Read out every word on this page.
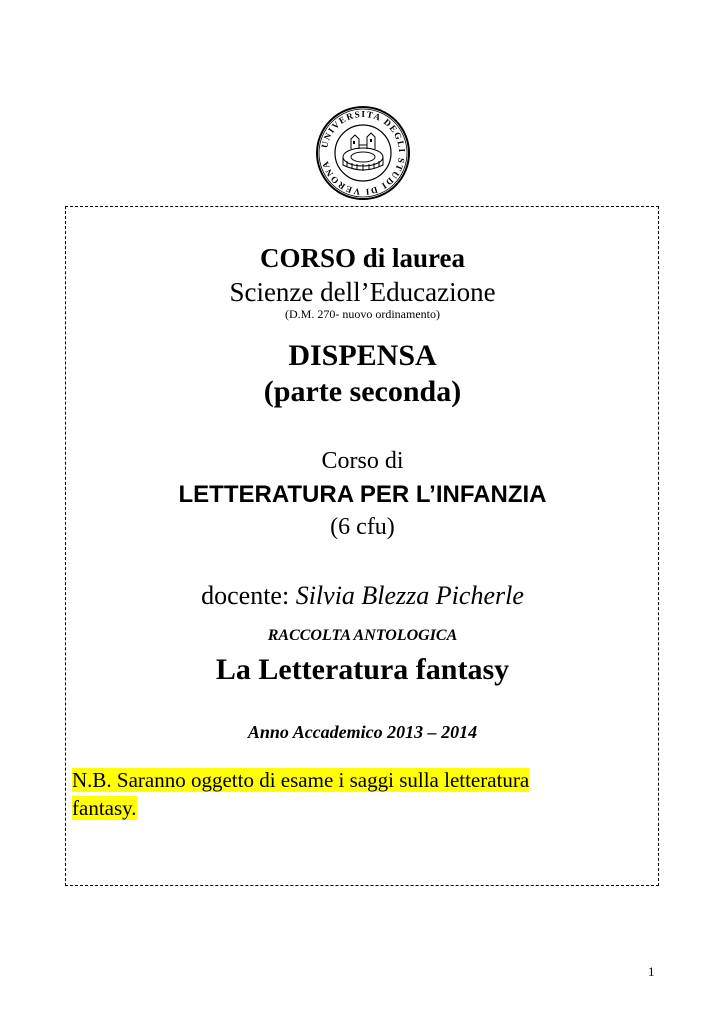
UNIVERSITA DEGLI STUDI DI VERONA
CORSO di laurea
Scienze dell’Educazione
(D.M. 270- nuovo ordinamento)
DISPENSA
(parte seconda)
Corso di
LETTERATURA PER L’INFANZIA
(6 cfu)
docente: Silvia Blezza Picherle
RACCOLTA ANTOLOGICA
La Letteratura fantasy
Anno Accademico 2013 – 2014
N.B. Saranno oggetto di esame i saggi sulla letteratura
fantasy.
1
